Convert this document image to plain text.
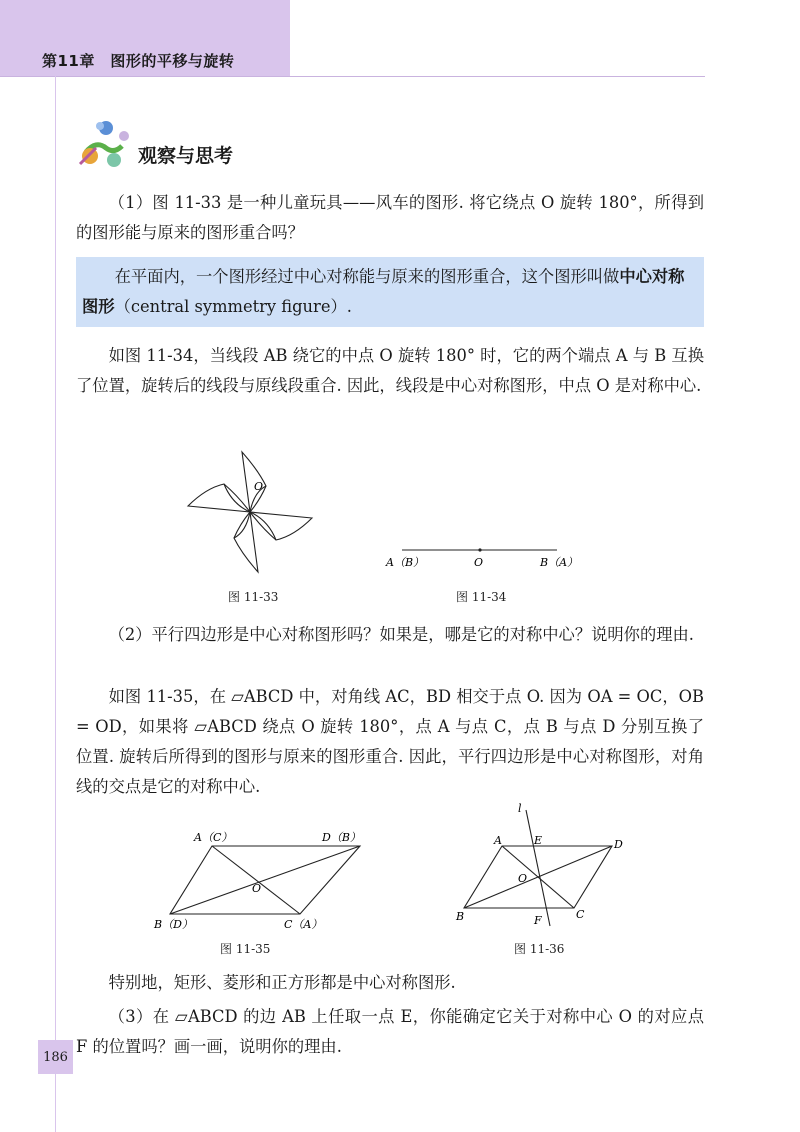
第11章　图形的平移与旋转
观察与思考

（1）图 11-33 是一种儿童玩具——风车的图形. 将它绕点 O 旋转 180°，所得到的图形能与原来的图形重合吗？

在平面内，一个图形经过中心对称能与原来的图形重合，这个图形叫做中心对称图形（central symmetry figure）.

如图 11-34，当线段 AB 绕它的中点 O 旋转 180° 时，它的两个端点 A 与 B 互换了位置，旋转后的线段与原线段重合. 因此，线段是中心对称图形，中点 O 是对称中心.

O
图 11-33
A（B）	O	B（A）
图 11-34

（2）平行四边形是中心对称图形吗？如果是，哪是它的对称中心？说明你的理由.

如图 11-35，在 ▱ABCD 中，对角线 AC，BD 相交于点 O. 因为 OA = OC，OB = OD，如果将 ▱ABCD 绕点 O 旋转 180°，点 A 与点 C，点 B 与点 D 分别互换了位置. 旋转后所得到的图形与原来的图形重合. 因此，平行四边形是中心对称图形，对角线的交点是它的对称中心.

A（C）	D（B）
B（D）	C（A）
O
图 11-35
l
A	E	D
O
B	F	C
图 11-36

特别地，矩形、菱形和正方形都是中心对称图形.

（3）在 ▱ABCD 的边 AB 上任取一点 E，你能确定它关于对称中心 O 的对应点 F 的位置吗？画一画，说明你的理由.

186
